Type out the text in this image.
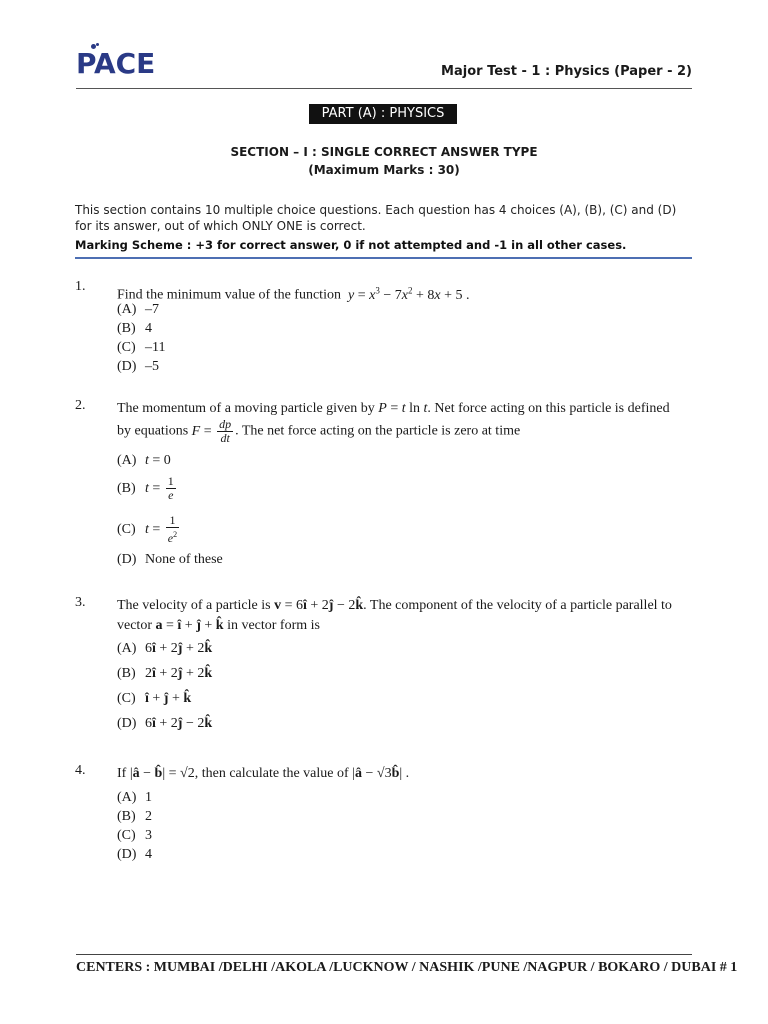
PACE	Major Test - 1 : Physics (Paper - 2)
PART (A) : PHYSICS
SECTION – I : SINGLE CORRECT ANSWER TYPE
(Maximum Marks : 30)
This section contains 10 multiple choice questions. Each question has 4 choices (A), (B), (C) and (D) for its answer, out of which ONLY ONE is correct.
Marking Scheme : +3 for correct answer, 0 if not attempted and -1 in all other cases.
1.
Find the minimum value of the function $y = x^3 - 7x^2 + 8x + 5$ .
(A) –7
(B) 4
(C) –11
(D) –5
2. The momentum of a moving particle given by P = t ln t. Net force acting on this particle is defined
by equations $F = \frac{dp}{dt}$ . The net force acting on the particle is zero at time
(A) t = 0
(B) $t = \frac{1}{e}$
(C) $t = \frac{1}{e^2}$
(D) None of these
3. The velocity of a particle is v = 6î + 2ĵ − 2k̂. The component of the velocity of a particle parallel to
vector a = î + ĵ + k̂ in vector form is
(A) 6î + 2ĵ + 2k̂
(B) 2î + 2ĵ + 2k̂
(C) î + ĵ + k̂
(D) 6î + 2ĵ − 2k̂
4. If |â − b̂| = √2, then calculate the value of |â − √3b̂| .
(A) 1
(B) 2
(C) 3
(D) 4
CENTERS : MUMBAI /DELHI /AKOLA /LUCKNOW / NASHIK /PUNE /NAGPUR / BOKARO / DUBAI # 1
